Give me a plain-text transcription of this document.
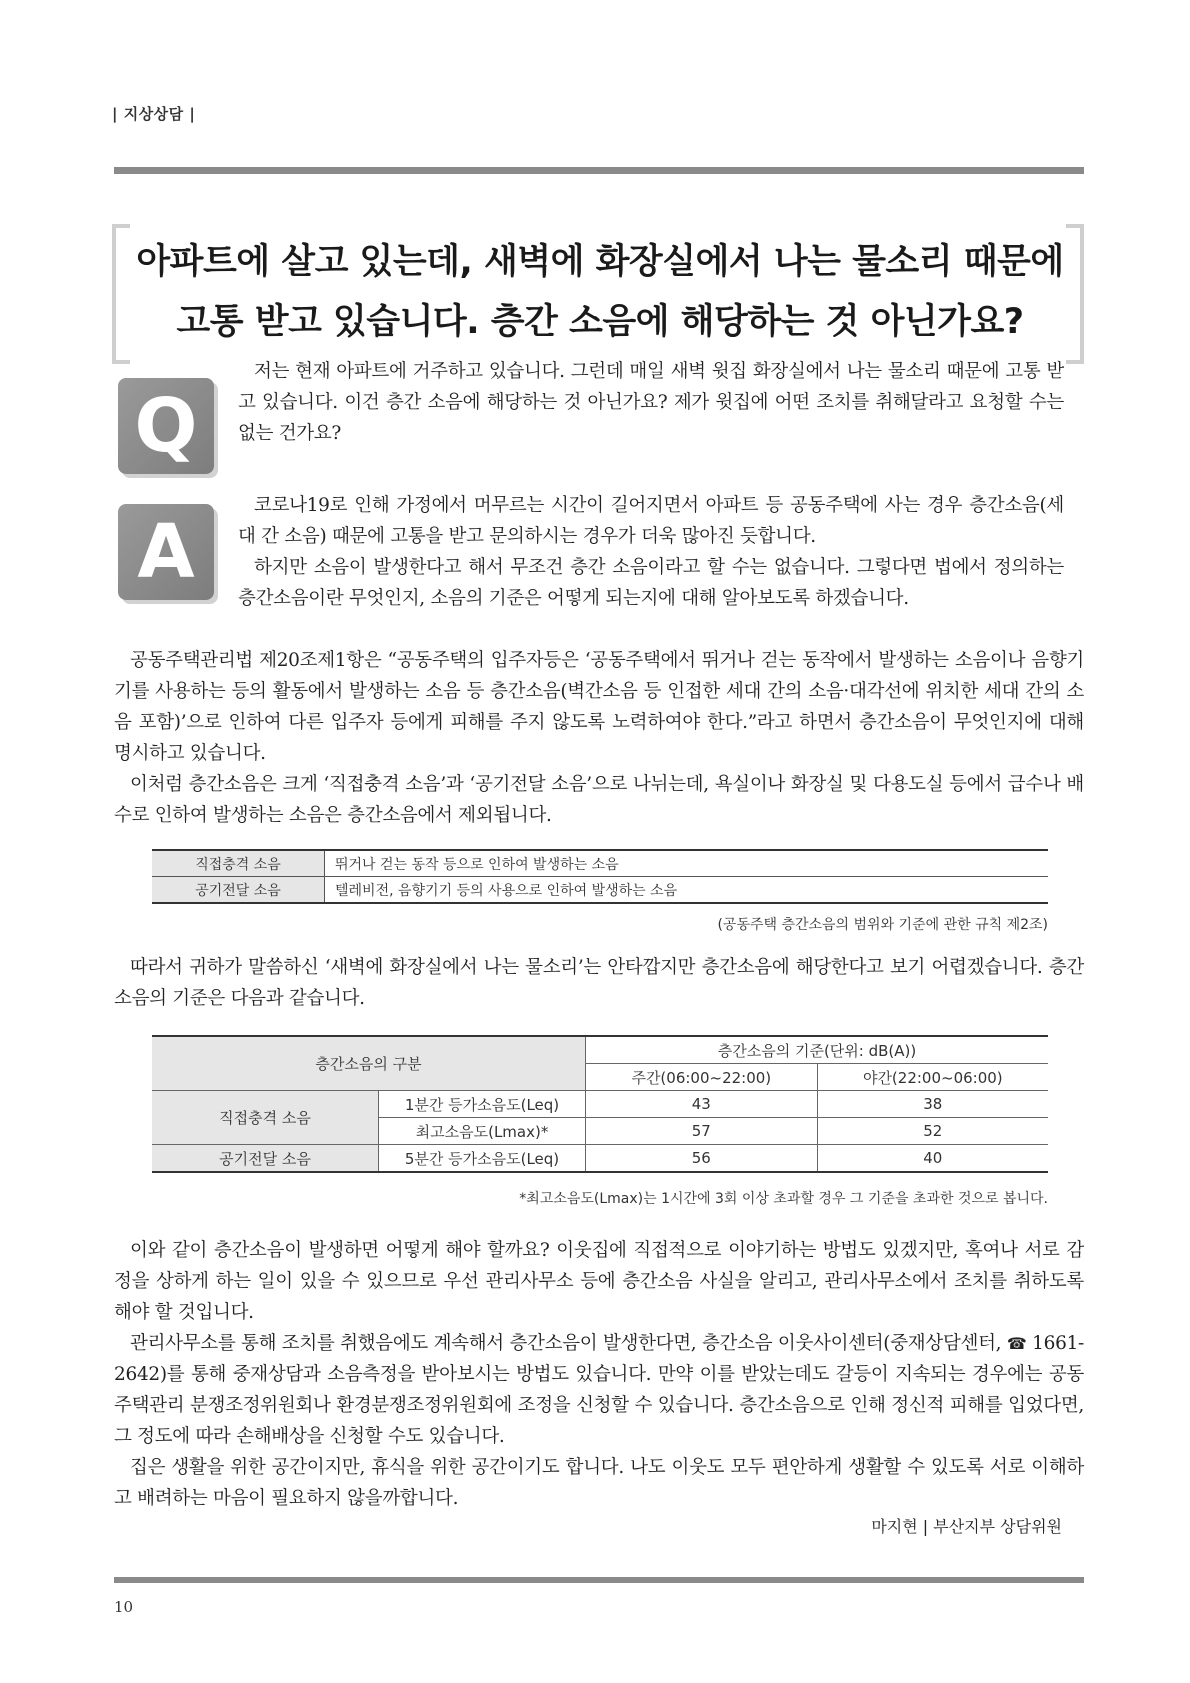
| 지상상담 |
아파트에 살고 있는데, 새벽에 화장실에서 나는 물소리 때문에
고통 받고 있습니다. 층간 소음에 해당하는 것 아닌가요?
Q
저는 현재 아파트에 거주하고 있습니다. 그런데 매일 새벽 윗집 화장실에서 나는 물소리 때문에 고통 받고 있습니다. 이건 층간 소음에 해당하는 것 아닌가요? 제가 윗집에 어떤 조치를 취해달라고 요청할 수는 없는 건가요?
A
코로나19로 인해 가정에서 머무르는 시간이 길어지면서 아파트 등 공동주택에 사는 경우 층간소음(세대 간 소음) 때문에 고통을 받고 문의하시는 경우가 더욱 많아진 듯합니다.
하지만 소음이 발생한다고 해서 무조건 층간 소음이라고 할 수는 없습니다. 그렇다면 법에서 정의하는 층간소음이란 무엇인지, 소음의 기준은 어떻게 되는지에 대해 알아보도록 하겠습니다.
공동주택관리법 제20조제1항은 “공동주택의 입주자등은 ‘공동주택에서 뛰거나 걷는 동작에서 발생하는 소음이나 음향기기를 사용하는 등의 활동에서 발생하는 소음 등 층간소음(벽간소음 등 인접한 세대 간의 소음·대각선에 위치한 세대 간의 소음 포함)’으로 인하여 다른 입주자 등에게 피해를 주지 않도록 노력하여야 한다.”라고 하면서 층간소음이 무엇인지에 대해 명시하고 있습니다.
이처럼 층간소음은 크게 ‘직접충격 소음’과 ‘공기전달 소음’으로 나뉘는데, 욕실이나 화장실 및 다용도실 등에서 급수나 배수로 인하여 발생하는 소음은 층간소음에서 제외됩니다.
직접충격 소음	뛰거나 걷는 동작 등으로 인하여 발생하는 소음
공기전달 소음	텔레비전, 음향기기 등의 사용으로 인하여 발생하는 소음
(공동주택 층간소음의 범위와 기준에 관한 규칙 제2조)
따라서 귀하가 말씀하신 ‘새벽에 화장실에서 나는 물소리’는 안타깝지만 층간소음에 해당한다고 보기 어렵겠습니다. 층간소음의 기준은 다음과 같습니다.
층간소음의 구분		층간소음의 기준(단위: dB(A))	
		주간(06:00~22:00)	야간(22:00~06:00)
직접충격 소음	1분간 등가소음도(Leq)	43	38
	최고소음도(Lmax)*	57	52
공기전달 소음	5분간 등가소음도(Leq)	56	40
*최고소음도(Lmax)는 1시간에 3회 이상 초과할 경우 그 기준을 초과한 것으로 봅니다.
이와 같이 층간소음이 발생하면 어떻게 해야 할까요? 이웃집에 직접적으로 이야기하는 방법도 있겠지만, 혹여나 서로 감정을 상하게 하는 일이 있을 수 있으므로 우선 관리사무소 등에 층간소음 사실을 알리고, 관리사무소에서 조치를 취하도록 해야 할 것입니다.
관리사무소를 통해 조치를 취했음에도 계속해서 층간소음이 발생한다면, 층간소음 이웃사이센터(중재상담센터, ☎ 1661-2642)를 통해 중재상담과 소음측정을 받아보시는 방법도 있습니다. 만약 이를 받았는데도 갈등이 지속되는 경우에는 공동주택관리 분쟁조정위원회나 환경분쟁조정위원회에 조정을 신청할 수 있습니다. 층간소음으로 인해 정신적 피해를 입었다면, 그 정도에 따라 손해배상을 신청할 수도 있습니다.
집은 생활을 위한 공간이지만, 휴식을 위한 공간이기도 합니다. 나도 이웃도 모두 편안하게 생활할 수 있도록 서로 이해하고 배려하는 마음이 필요하지 않을까합니다.
마지현 | 부산지부 상담위원
10
